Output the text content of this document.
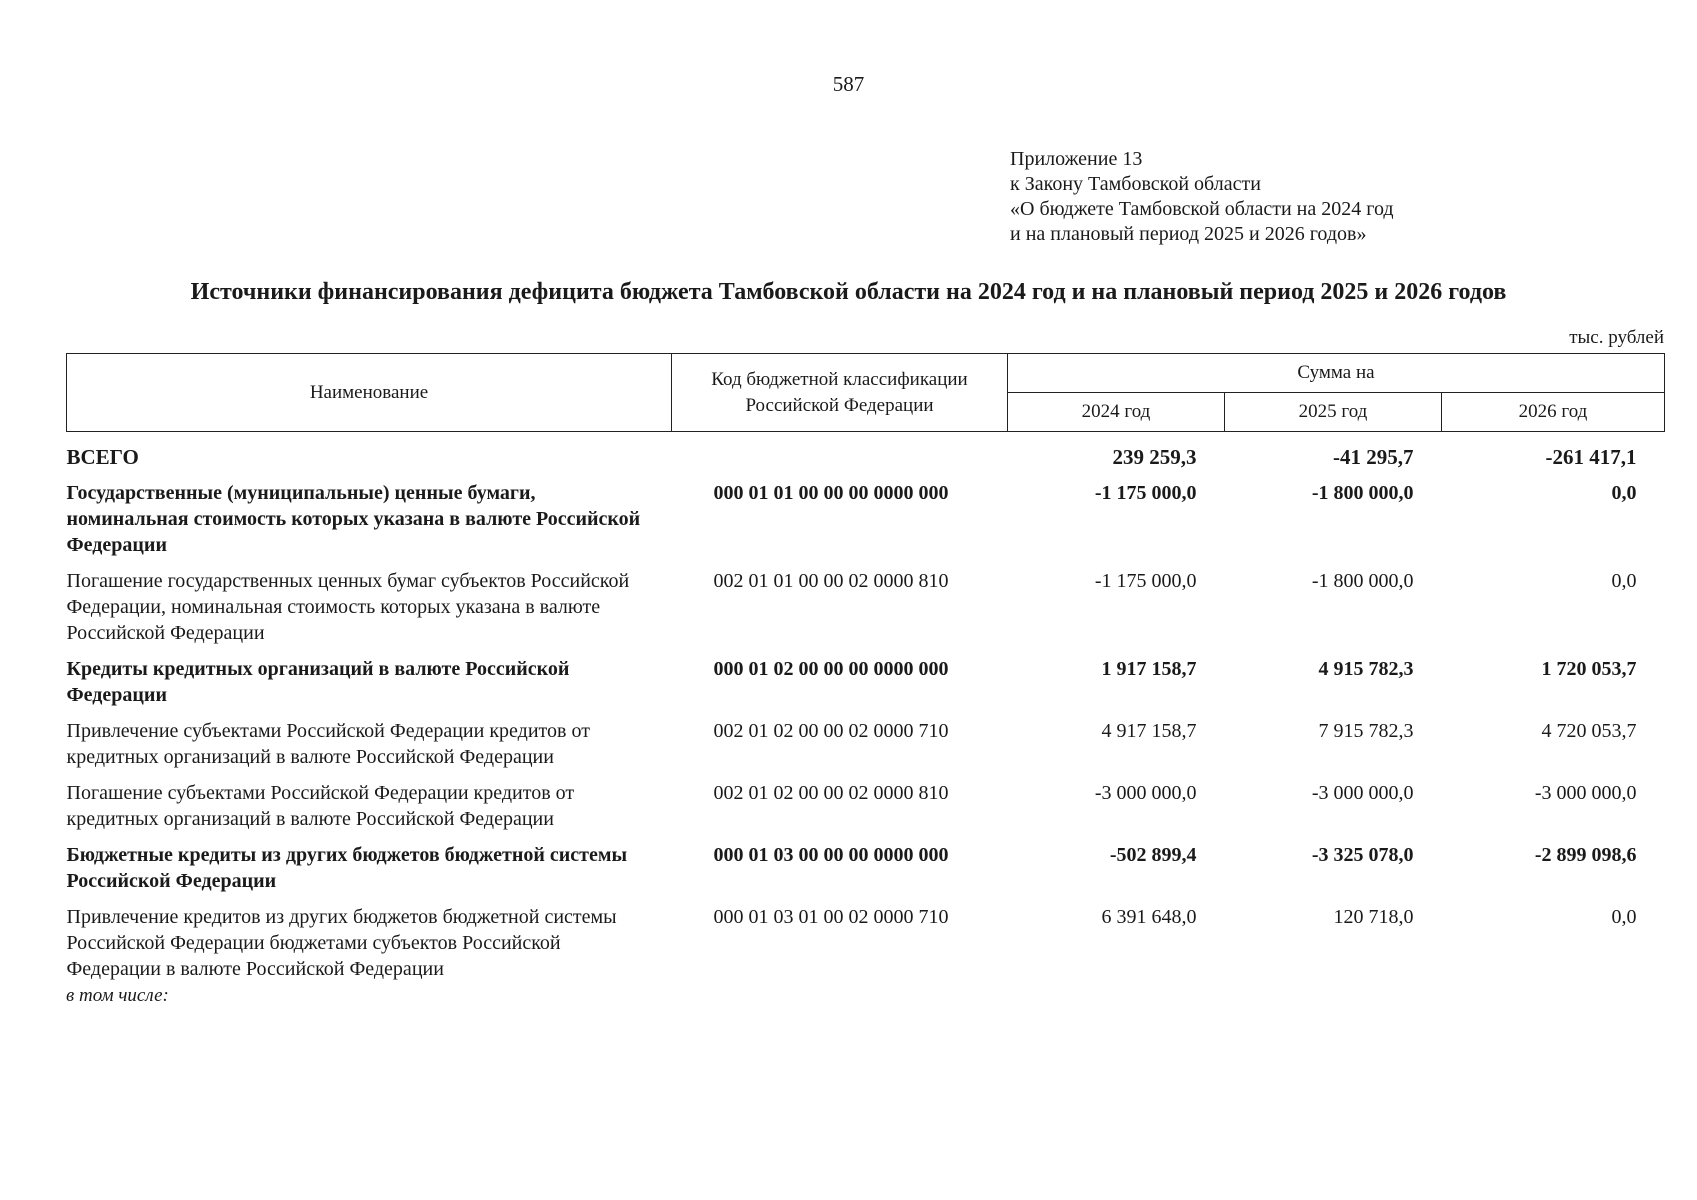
587
Приложение 13
к Закону Тамбовской области
«О бюджете Тамбовской области на 2024 год
и на плановый период 2025 и 2026 годов»
Источники финансирования дефицита бюджета Тамбовской области на 2024 год и на плановый период 2025 и 2026 годов
тыс. рублей
Наименование	Код бюджетной классификации Российской Федерации	Сумма на		
		2024 год	2025 год	2026 год
ВСЕГО		239 259,3	-41 295,7	-261 417,1
Государственные (муниципальные) ценные бумаги, номинальная стоимость которых указана в валюте Российской Федерации	000 01 01 00 00 00 0000 000	-1 175 000,0	-1 800 000,0	0,0
Погашение государственных ценных бумаг субъектов Российской Федерации, номинальная стоимость которых указана в валюте Российской Федерации	002 01 01 00 00 02 0000 810	-1 175 000,0	-1 800 000,0	0,0
Кредиты кредитных организаций в валюте Российской Федерации	000 01 02 00 00 00 0000 000	1 917 158,7	4 915 782,3	1 720 053,7
Привлечение субъектами Российской Федерации кредитов от кредитных организаций в валюте Российской Федерации	002 01 02 00 00 02 0000 710	4 917 158,7	7 915 782,3	4 720 053,7
Погашение субъектами Российской Федерации кредитов от кредитных организаций в валюте Российской Федерации	002 01 02 00 00 02 0000 810	-3 000 000,0	-3 000 000,0	-3 000 000,0
Бюджетные кредиты из других бюджетов бюджетной системы Российской Федерации	000 01 03 00 00 00 0000 000	-502 899,4	-3 325 078,0	-2 899 098,6
Привлечение кредитов из других бюджетов бюджетной системы Российской Федерации бюджетами субъектов Российской Федерации в валюте Российской Федерации	000 01 03 01 00 02 0000 710	6 391 648,0	120 718,0	0,0
в том числе:
